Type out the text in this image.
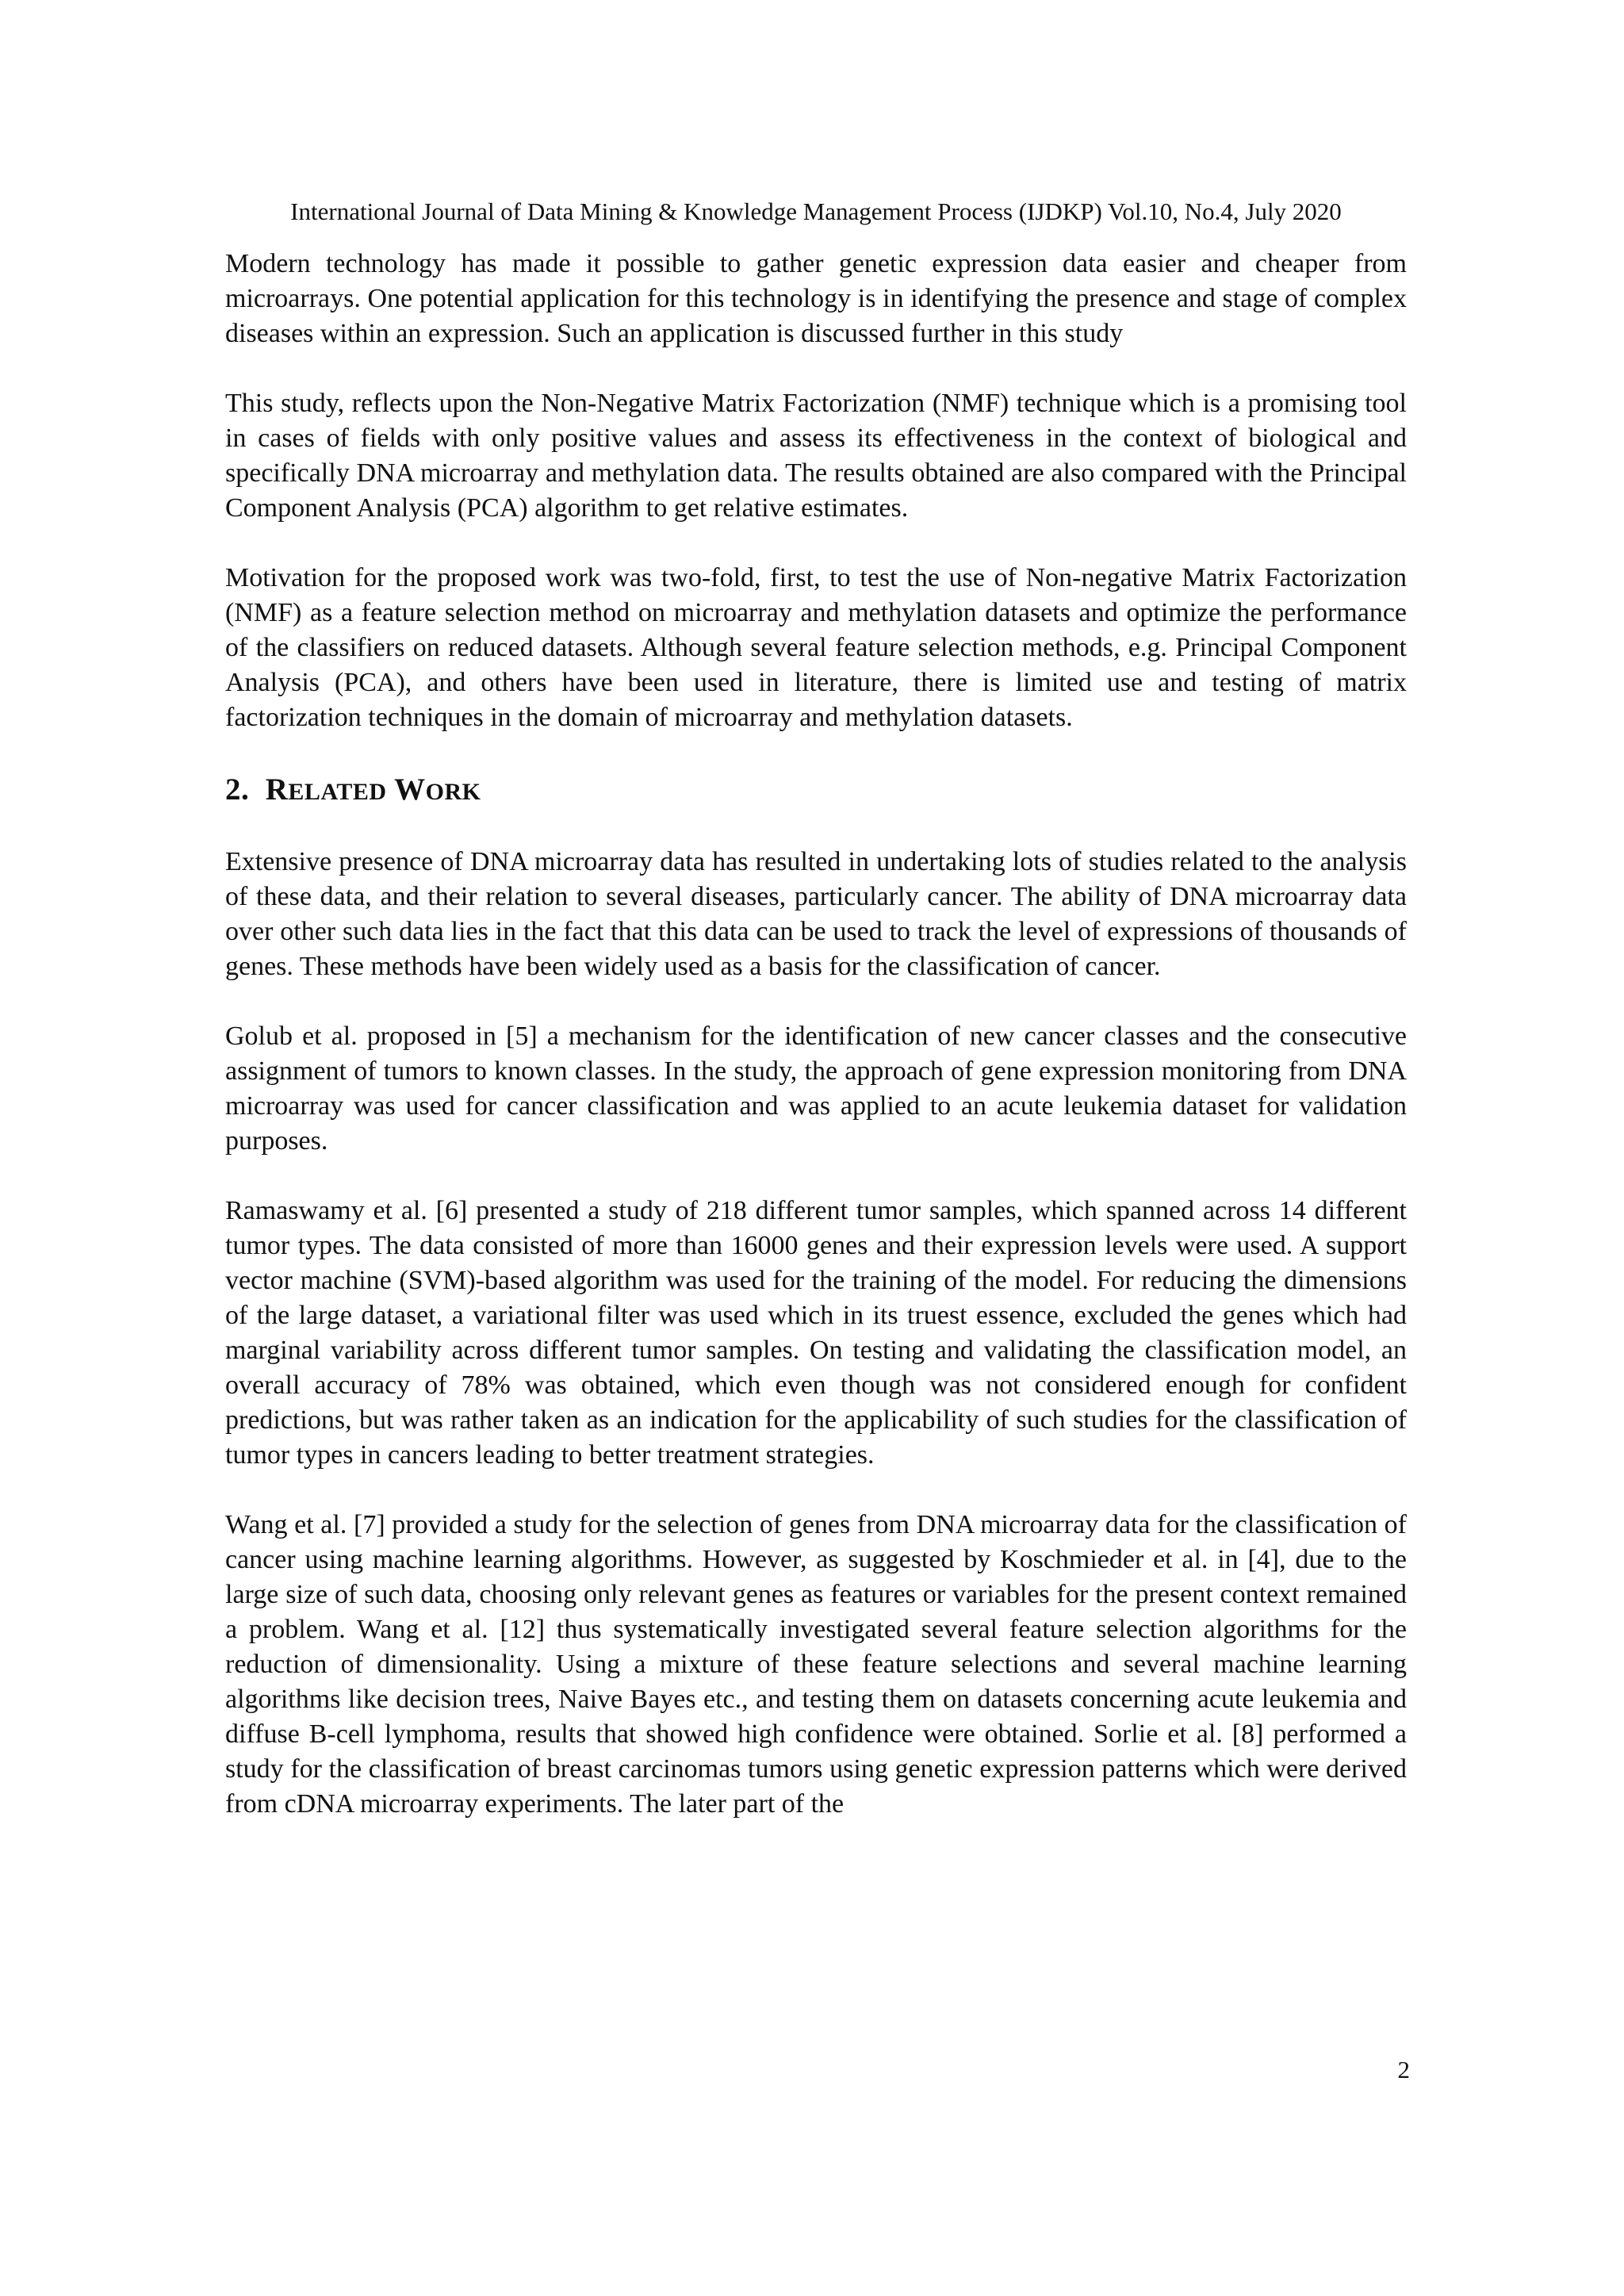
International Journal of Data Mining & Knowledge Management Process (IJDKP) Vol.10, No.4, July 2020

Modern technology has made it possible to gather genetic expression data easier and cheaper from microarrays. One potential application for this technology is in identifying the presence and stage of complex diseases within an expression. Such an application is discussed further in this study

This study, reflects upon the Non-Negative Matrix Factorization (NMF) technique which is a promising tool in cases of fields with only positive values and assess its effectiveness in the context of biological and specifically DNA microarray and methylation data. The results obtained are also compared with the Principal Component Analysis (PCA) algorithm to get relative estimates.

Motivation for the proposed work was two-fold, first, to test the use of Non-negative Matrix Factorization (NMF) as a feature selection method on microarray and methylation datasets and optimize the performance of the classifiers on reduced datasets. Although several feature selection methods, e.g. Principal Component Analysis (PCA), and others have been used in literature, there is limited use and testing of matrix factorization techniques in the domain of microarray and methylation datasets.

2. RELATED WORK

Extensive presence of DNA microarray data has resulted in undertaking lots of studies related to the analysis of these data, and their relation to several diseases, particularly cancer. The ability of DNA microarray data over other such data lies in the fact that this data can be used to track the level of expressions of thousands of genes. These methods have been widely used as a basis for the classification of cancer.

Golub et al. proposed in [5] a mechanism for the identification of new cancer classes and the consecutive assignment of tumors to known classes. In the study, the approach of gene expression monitoring from DNA microarray was used for cancer classification and was applied to an acute leukemia dataset for validation purposes.

Ramaswamy et al. [6] presented a study of 218 different tumor samples, which spanned across 14 different tumor types. The data consisted of more than 16000 genes and their expression levels were used. A support vector machine (SVM)-based algorithm was used for the training of the model. For reducing the dimensions of the large dataset, a variational filter was used which in its truest essence, excluded the genes which had marginal variability across different tumor samples. On testing and validating the classification model, an overall accuracy of 78% was obtained, which even though was not considered enough for confident predictions, but was rather taken as an indication for the applicability of such studies for the classification of tumor types in cancers leading to better treatment strategies.

Wang et al. [7] provided a study for the selection of genes from DNA microarray data for the classification of cancer using machine learning algorithms. However, as suggested by Koschmieder et al. in [4], due to the large size of such data, choosing only relevant genes as features or variables for the present context remained a problem. Wang et al. [12] thus systematically investigated several feature selection algorithms for the reduction of dimensionality. Using a mixture of these feature selections and several machine learning algorithms like decision trees, Naive Bayes etc., and testing them on datasets concerning acute leukemia and diffuse B-cell lymphoma, results that showed high confidence were obtained. Sorlie et al. [8] performed a study for the classification of breast carcinomas tumors using genetic expression patterns which were derived from cDNA microarray experiments. The later part of the

2
